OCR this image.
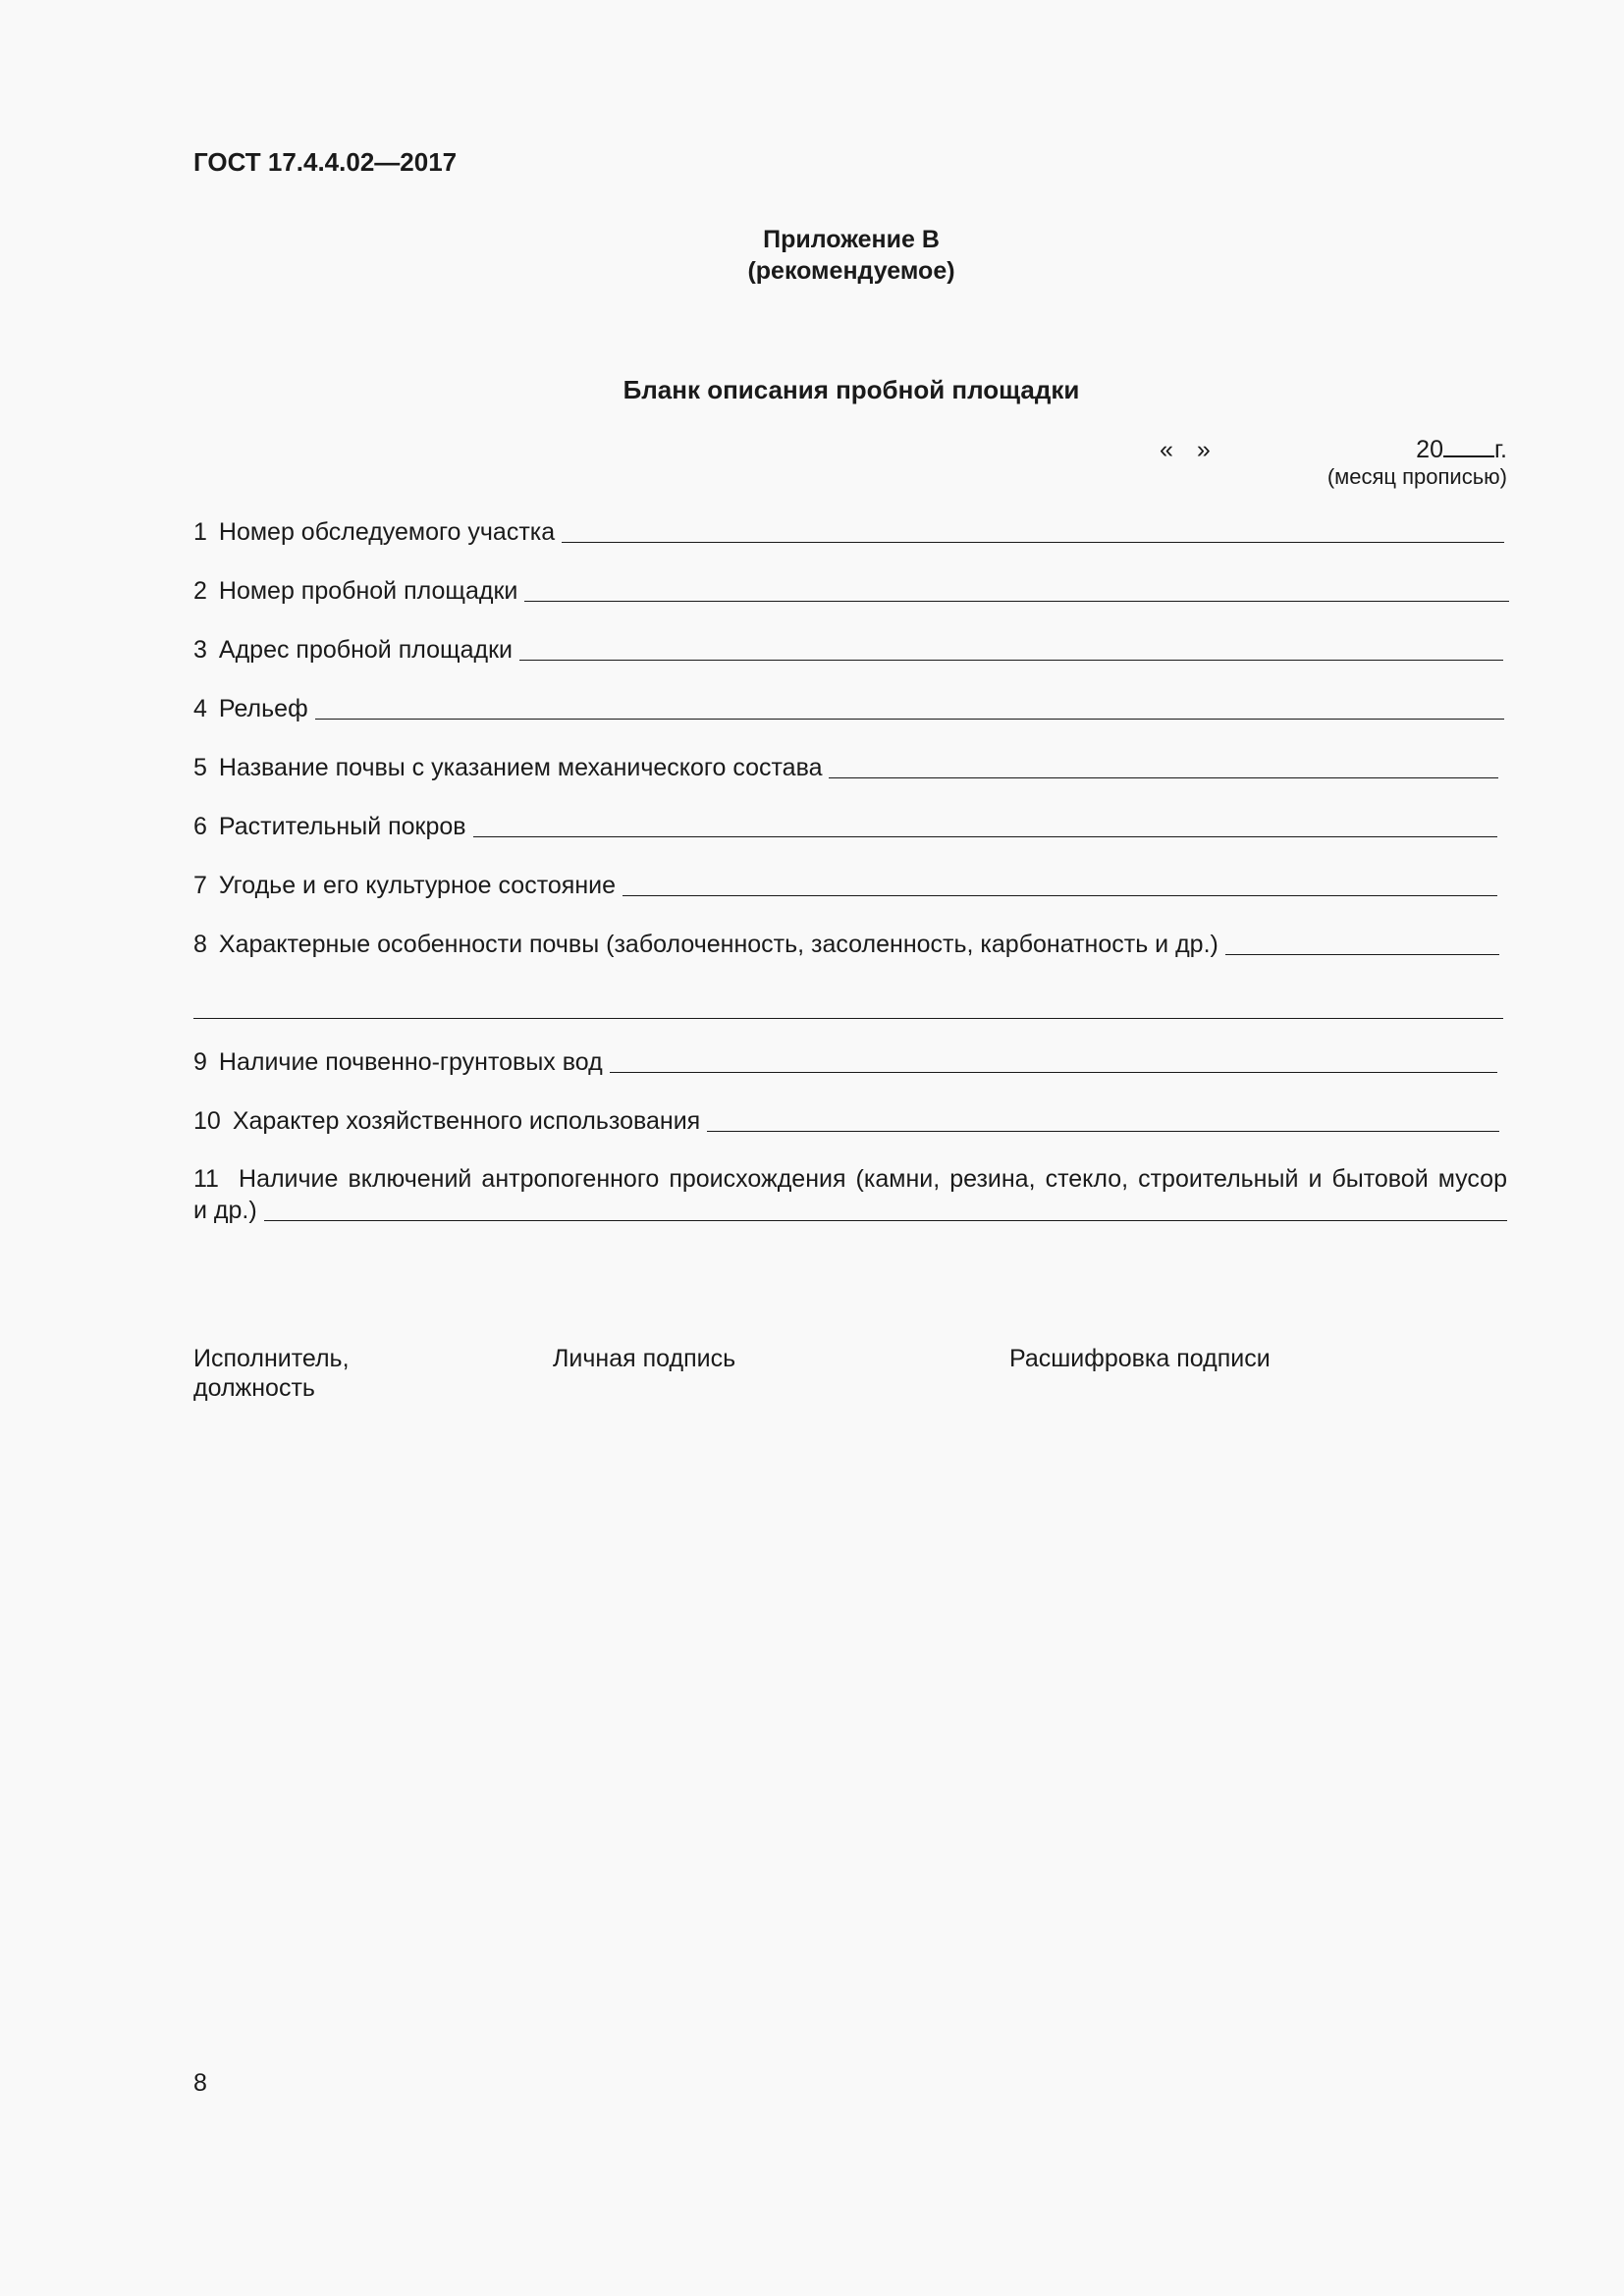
ГОСТ 17.4.4.02—2017
Приложение В
(рекомендуемое)
Бланк описания пробной площадки
« »	20 г.
(месяц прописью)
1 Номер обследуемого участка
2 Номер пробной площадки
3 Адрес пробной площадки
4 Рельеф
5 Название почвы с указанием механического состава
6 Растительный покров
7 Угодье и его культурное состояние
8 Характерные особенности почвы (заболоченность, засоленность, карбонатность и др.)
9 Наличие почвенно-грунтовых вод
10 Характер хозяйственного использования
11 Наличие включений антропогенного происхождения (камни, резина, стекло, строительный и бытовой мусор
и др.)
Исполнитель,
должность
Личная подпись	Расшифровка подписи
8
